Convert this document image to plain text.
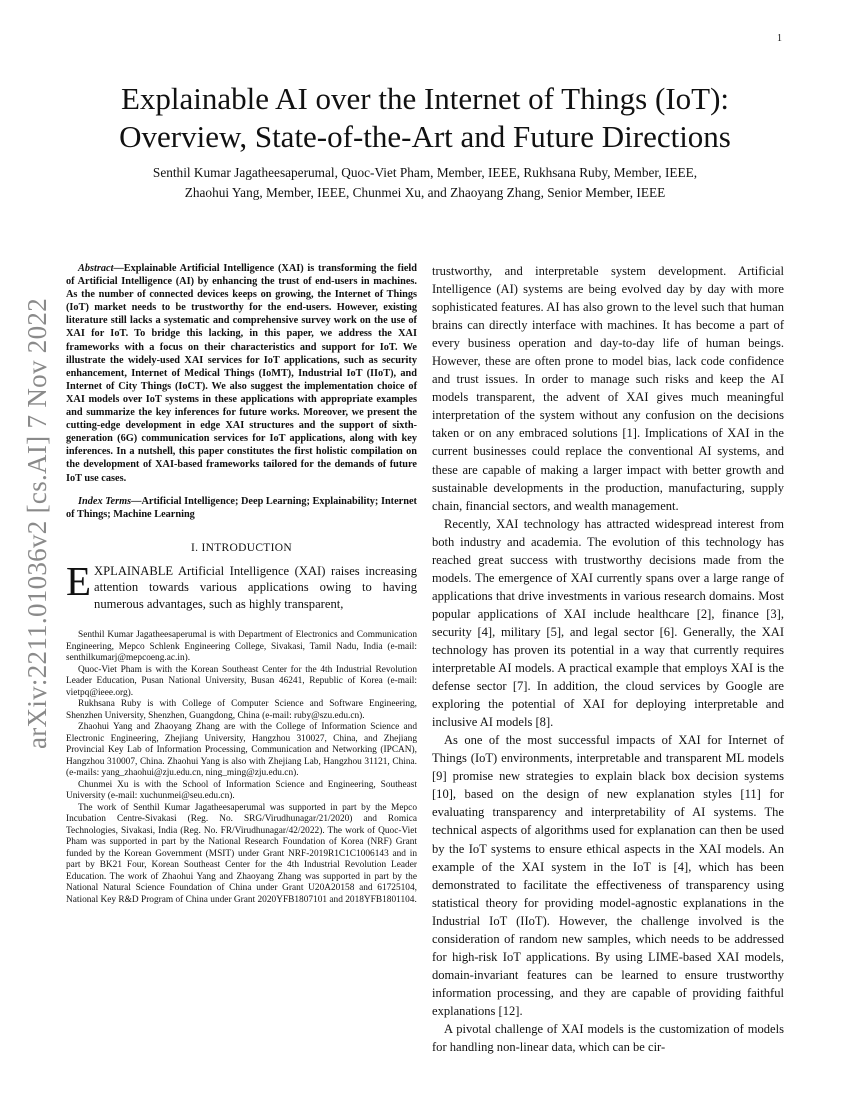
1
arXiv:2211.01036v2 [cs.AI] 7 Nov 2022
Explainable AI over the Internet of Things (IoT):
Overview, State-of-the-Art and Future Directions
Senthil Kumar Jagatheesaperumal, Quoc-Viet Pham, Member, IEEE, Rukhsana Ruby, Member, IEEE,
Zhaohui Yang, Member, IEEE, Chunmei Xu, and Zhaoyang Zhang, Senior Member, IEEE

Abstract—Explainable Artificial Intelligence (XAI) is transforming the field of Artificial Intelligence (AI) by enhancing the trust of end-users in machines. As the number of connected devices keeps on growing, the Internet of Things (IoT) market needs to be trustworthy for the end-users. However, existing literature still lacks a systematic and comprehensive survey work on the use of XAI for IoT. To bridge this lacking, in this paper, we address the XAI frameworks with a focus on their characteristics and support for IoT. We illustrate the widely-used XAI services for IoT applications, such as security enhancement, Internet of Medical Things (IoMT), Industrial IoT (IIoT), and Internet of City Things (IoCT). We also suggest the implementation choice of XAI models over IoT systems in these applications with appropriate examples and summarize the key inferences for future works. Moreover, we present the cutting-edge development in edge XAI structures and the support of sixth-generation (6G) communication services for IoT applications, along with key inferences. In a nutshell, this paper constitutes the first holistic compilation on the development of XAI-based frameworks tailored for the demands of future IoT use cases.

Index Terms—Artificial Intelligence; Deep Learning; Explainability; Internet of Things; Machine Learning

I. INTRODUCTION

EXPLAINABLE Artificial Intelligence (XAI) raises increasing attention towards various applications owing to having numerous advantages, such as highly transparent,

Senthil Kumar Jagatheesaperumal is with Department of Electronics and Communication Engineering, Mepco Schlenk Engineering College, Sivakasi, Tamil Nadu, India (e-mail: senthilkumarj@mepcoeng.ac.in).

Quoc-Viet Pham is with the Korean Southeast Center for the 4th Industrial Revolution Leader Education, Pusan National University, Busan 46241, Republic of Korea (e-mail: vietpq@ieee.org).

Rukhsana Ruby is with College of Computer Science and Software Engineering, Shenzhen University, Shenzhen, Guangdong, China (e-mail: ruby@szu.edu.cn).

Zhaohui Yang and Zhaoyang Zhang are with the College of Information Science and Electronic Engineering, Zhejiang University, Hangzhou 310027, China, and Zhejiang Provincial Key Lab of Information Processing, Communication and Networking (IPCAN), Hangzhou 310007, China. Zhaohui Yang is also with Zhejiang Lab, Hangzhou 31121, China.(e-mails: yang_zhaohui@zju.edu.cn, ning_ming@zju.edu.cn).

Chunmei Xu is with the School of Information Science and Engineering, Southeast University (e-mail: xuchunmei@seu.edu.cn).

The work of Senthil Kumar Jagatheesaperumal was supported in part by the Mepco Incubation Centre-Sivakasi (Reg. No. SRG/Virudhunagar/21/2020) and Romica Technologies, Sivakasi, India (Reg. No. FR/Virudhunagar/42/2022). The work of Quoc-Viet Pham was supported in part by the National Research Foundation of Korea (NRF) Grant funded by the Korean Government (MSIT) under Grant NRF-2019R1C1C1006143 and in part by BK21 Four, Korean Southeast Center for the 4th Industrial Revolution Leader Education. The work of Zhaohui Yang and Zhaoyang Zhang was supported in part by the National Natural Science Foundation of China under Grant U20A20158 and 61725104, National Key R&D Program of China under Grant 2020YFB1807101 and 2018YFB1801104.

trustworthy, and interpretable system development. Artificial Intelligence (AI) systems are being evolved day by day with more sophisticated features. AI has also grown to the level such that human brains can directly interface with machines. It has become a part of every business operation and day-to-day life of human beings. However, these are often prone to model bias, lack code confidence and trust issues. In order to manage such risks and keep the AI models transparent, the advent of XAI gives much meaningful interpretation of the system without any confusion on the decisions taken or on any embraced solutions [1]. Implications of XAI in the current businesses could replace the conventional AI systems, and these are capable of making a larger impact with better growth and sustainable developments in the production, manufacturing, supply chain, financial sectors, and wealth management.

Recently, XAI technology has attracted widespread interest from both industry and academia. The evolution of this technology has reached great success with trustworthy decisions made from the models. The emergence of XAI currently spans over a large range of applications that drive investments in various research domains. Most popular applications of XAI include healthcare [2], finance [3], security [4], military [5], and legal sector [6]. Generally, the XAI technology has proven its potential in a way that currently requires interpretable AI models. A practical example that employs XAI is the defense sector [7]. In addition, the cloud services by Google are exploring the potential of XAI for deploying interpretable and inclusive AI models [8].

As one of the most successful impacts of XAI for Internet of Things (IoT) environments, interpretable and transparent ML models [9] promise new strategies to explain black box decision systems [10], based on the design of new explanation styles [11] for evaluating transparency and interpretability of AI systems. The technical aspects of algorithms used for explanation can then be used by the IoT systems to ensure ethical aspects in the XAI models. An example of the XAI system in the IoT is [4], which has been demonstrated to facilitate the effectiveness of transparency using statistical theory for providing model-agnostic explanations in the Industrial IoT (IIoT). However, the challenge involved is the consideration of random new samples, which needs to be addressed for high-risk IoT applications. By using LIME-based XAI models, domain-invariant features can be learned to ensure trustworthy information processing, and they are capable of providing faithful explanations [12].

A pivotal challenge of XAI models is the customization of models for handling non-linear data, which can be cir-
